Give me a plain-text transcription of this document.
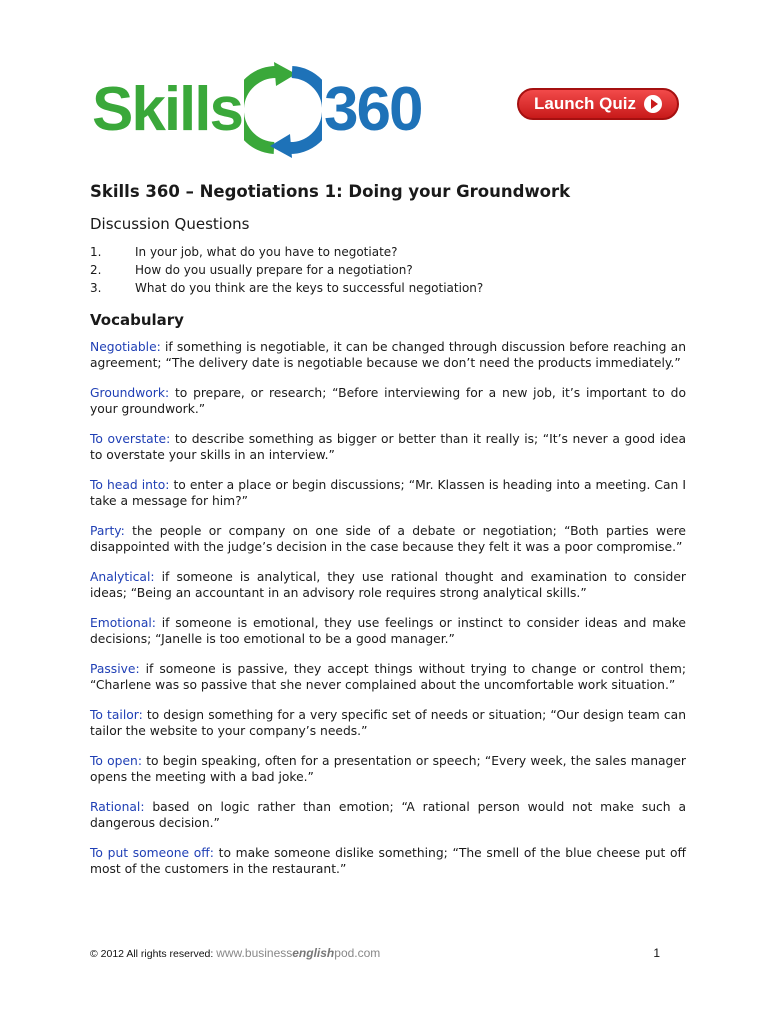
Skills 360	Launch Quiz
Skills 360 – Negotiations 1: Doing your Groundwork
Discussion Questions
1.	In your job, what do you have to negotiate?
2.	How do you usually prepare for a negotiation?
3.	What do you think are the keys to successful negotiation?
Vocabulary

Negotiable: if something is negotiable, it can be changed through discussion before reaching an agreement; “The delivery date is negotiable because we don’t need the products immediately.”

Groundwork: to prepare, or research; “Before interviewing for a new job, it’s important to do your groundwork.”

To overstate: to describe something as bigger or better than it really is; “It’s never a good idea to overstate your skills in an interview.”

To head into: to enter a place or begin discussions; “Mr. Klassen is heading into a meeting. Can I take a message for him?”

Party: the people or company on one side of a debate or negotiation; “Both parties were disappointed with the judge’s decision in the case because they felt it was a poor compromise.”

Analytical: if someone is analytical, they use rational thought and examination to consider ideas; “Being an accountant in an advisory role requires strong analytical skills.”

Emotional: if someone is emotional, they use feelings or instinct to consider ideas and make decisions; “Janelle is too emotional to be a good manager.”

Passive: if someone is passive, they accept things without trying to change or control them; “Charlene was so passive that she never complained about the uncomfortable work situation.”

To tailor: to design something for a very specific set of needs or situation; “Our design team can tailor the website to your company’s needs.”

To open: to begin speaking, often for a presentation or speech; “Every week, the sales manager opens the meeting with a bad joke.”

Rational: based on logic rather than emotion; “A rational person would not make such a dangerous decision.”

To put someone off: to make someone dislike something; “The smell of the blue cheese put off most of the customers in the restaurant.”

© 2012 All rights reserved: www.businessenglishpod.com	1
